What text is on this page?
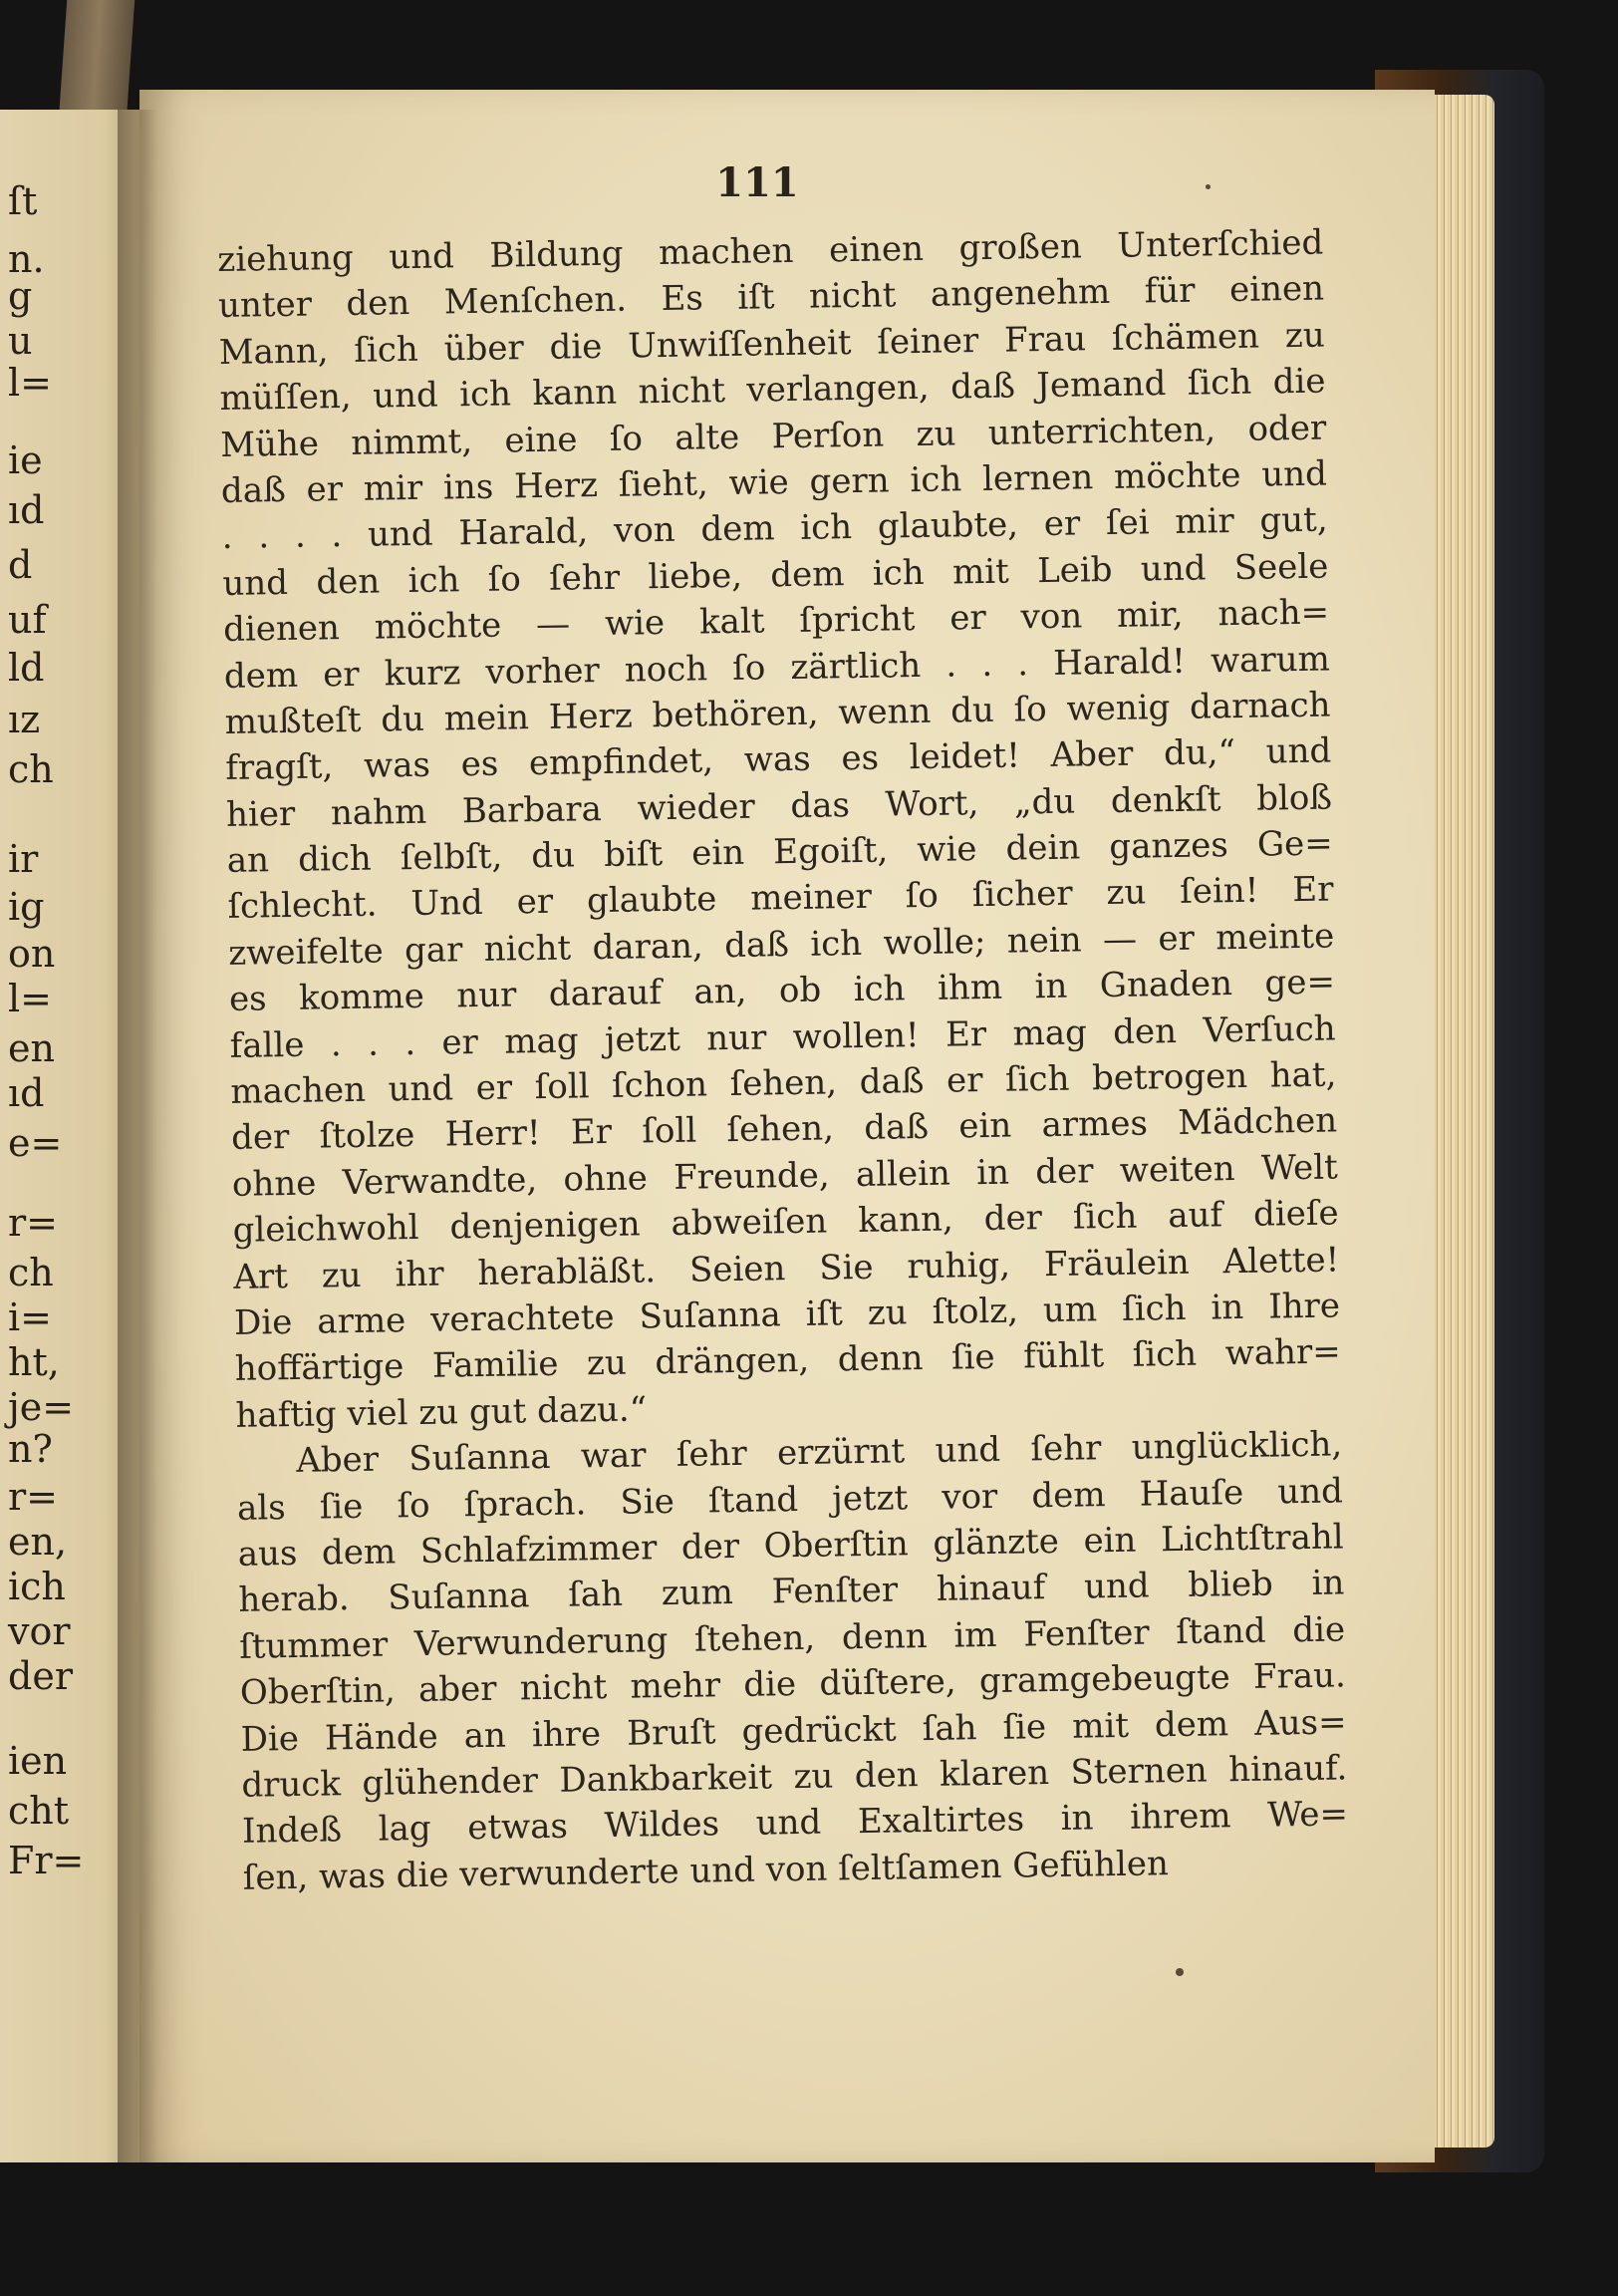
ſt
n.
g
u
l=
ie
ıd
d
uf
ld
ız
ch
ir
ig
on
l=
en
ıd
e=
r=
ch
i=
ht,
je=
n?
r=
en,
ich
vor
der
ien
cht
Fr=
111
ziehung und Bildung machen einen großen Unterſchied
unter den Menſchen. Es iſt nicht angenehm für einen
Mann, ſich über die Unwiſſenheit ſeiner Frau ſchämen zu
müſſen, und ich kann nicht verlangen, daß Jemand ſich die
Mühe nimmt, eine ſo alte Perſon zu unterrichten, oder
daß er mir ins Herz ſieht, wie gern ich lernen möchte und
. . . . und Harald, von dem ich glaubte, er ſei mir gut,
und den ich ſo ſehr liebe, dem ich mit Leib und Seele
dienen möchte — wie kalt ſpricht er von mir, nach=
dem er kurz vorher noch ſo zärtlich . . . Harald! warum
mußteſt du mein Herz bethören, wenn du ſo wenig darnach
fragſt, was es empfindet, was es leidet! Aber du,“ und
hier nahm Barbara wieder das Wort, „du denkſt bloß
an dich ſelbſt, du biſt ein Egoiſt, wie dein ganzes Ge=
ſchlecht. Und er glaubte meiner ſo ſicher zu ſein! Er
zweifelte gar nicht daran, daß ich wolle; nein — er meinte
es komme nur darauf an, ob ich ihm in Gnaden ge=
falle . . . er mag jetzt nur wollen! Er mag den Verſuch
machen und er ſoll ſchon ſehen, daß er ſich betrogen hat,
der ſtolze Herr! Er ſoll ſehen, daß ein armes Mädchen
ohne Verwandte, ohne Freunde, allein in der weiten Welt
gleichwohl denjenigen abweiſen kann, der ſich auf dieſe
Art zu ihr herabläßt. Seien Sie ruhig, Fräulein Alette!
Die arme verachtete Suſanna iſt zu ſtolz, um ſich in Ihre
hoffärtige Familie zu drängen, denn ſie fühlt ſich wahr=
haftig viel zu gut dazu.“
Aber Suſanna war ſehr erzürnt und ſehr unglücklich,
als ſie ſo ſprach. Sie ſtand jetzt vor dem Hauſe und
aus dem Schlafzimmer der Oberſtin glänzte ein Lichtſtrahl
herab. Suſanna ſah zum Fenſter hinauf und blieb in
ſtummer Verwunderung ſtehen, denn im Fenſter ſtand die
Oberſtin, aber nicht mehr die düſtere, gramgebeugte Frau.
Die Hände an ihre Bruſt gedrückt ſah ſie mit dem Aus=
druck glühender Dankbarkeit zu den klaren Sternen hinauf.
Indeß lag etwas Wildes und Exaltirtes in ihrem We=
ſen, was die verwunderte und von ſeltſamen Gefühlen
